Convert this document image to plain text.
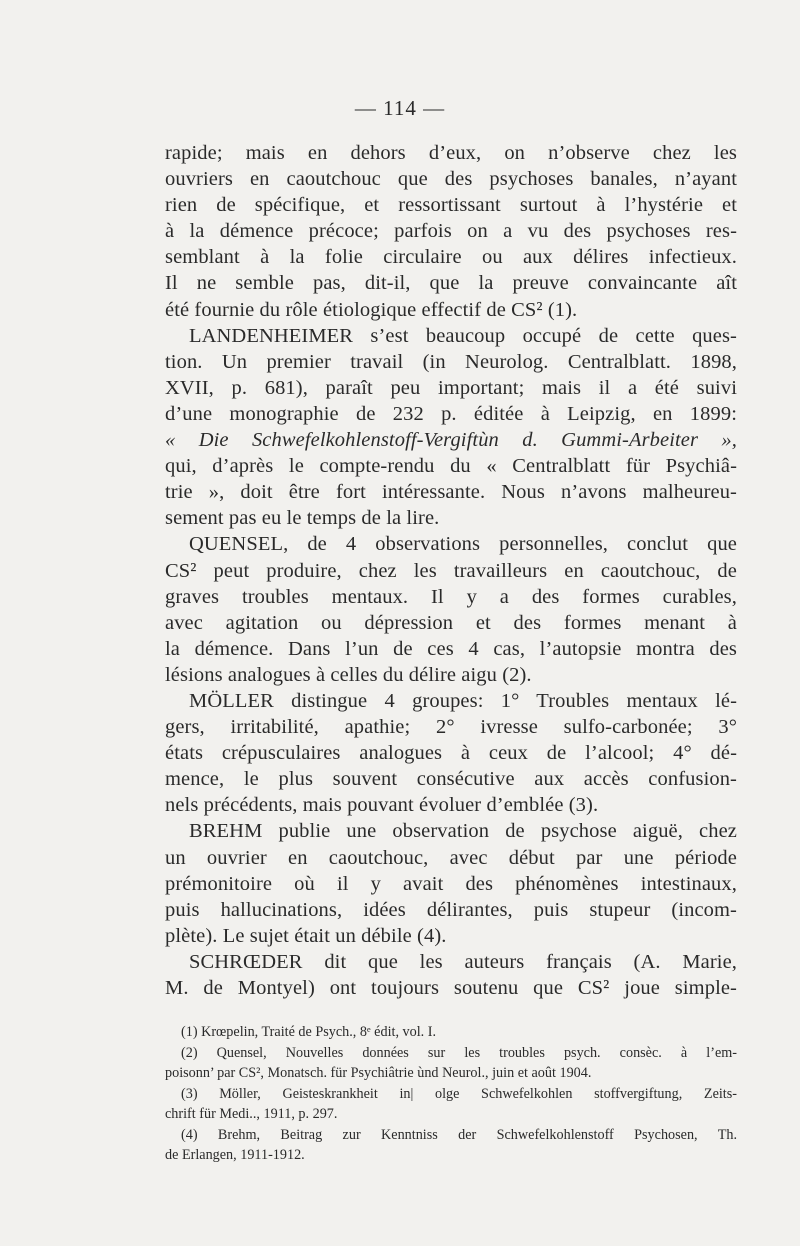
— 114 —
rapide; mais en dehors d’eux, on n’observe chez les
ouvriers en caoutchouc que des psychoses banales, n’ayant
rien de spécifique, et ressortissant surtout à l’hystérie et
à la démence précoce; parfois on a vu des psychoses res-
semblant à la folie circulaire ou aux délires infectieux.
Il ne semble pas, dit-il, que la preuve convaincante aît
été fournie du rôle étiologique effectif de CS² (1).
LANDENHEIMER s’est beaucoup occupé de cette ques-
tion. Un premier travail (in Neurolog. Centralblatt. 1898,
XVII, p. 681), paraît peu important; mais il a été suivi
d’une monographie de 232 p. éditée à Leipzig, en 1899:
« Die Schwefelkohlenstoff-Vergiftùn d. Gummi-Arbeiter »,
qui, d’après le compte-rendu du « Centralblatt für Psychiâ-
trie », doit être fort intéressante. Nous n’avons malheureu-
sement pas eu le temps de la lire.
QUENSEL, de 4 observations personnelles, conclut que
CS² peut produire, chez les travailleurs en caoutchouc, de
graves troubles mentaux. Il y a des formes curables,
avec agitation ou dépression et des formes menant à
la démence. Dans l’un de ces 4 cas, l’autopsie montra des
lésions analogues à celles du délire aigu (2).
MÖLLER distingue 4 groupes: 1° Troubles mentaux lé-
gers, irritabilité, apathie; 2° ivresse sulfo-carbonée; 3°
états crépusculaires analogues à ceux de l’alcool; 4° dé-
mence, le plus souvent consécutive aux accès confusion-
nels précédents, mais pouvant évoluer d’emblée (3).
BREHM publie une observation de psychose aiguë, chez
un ouvrier en caoutchouc, avec début par une période
prémonitoire où il y avait des phénomènes intestinaux,
puis hallucinations, idées délirantes, puis stupeur (incom-
plète). Le sujet était un débile (4).
SCHRŒDER dit que les auteurs français (A. Marie,
M. de Montyel) ont toujours soutenu que CS² joue simple-
(1) Krœpelin, Traité de Psych., 8ᵉ édit, vol. I.
(2) Quensel, Nouvelles données sur les troubles psych. consèc. à l’em-
poisonn’ par CS², Monatsch. für Psychiâtrie ùnd Neurol., juin et août 1904.
(3) Möller, Geisteskrankheit in| olge Schwefelkohlen stoffvergiftung, Zeits-
chrift für Medi.., 1911, p. 297.
(4) Brehm, Beitrag zur Kenntniss der Schwefelkohlenstoff Psychosen, Th.
de Erlangen, 1911-1912.
